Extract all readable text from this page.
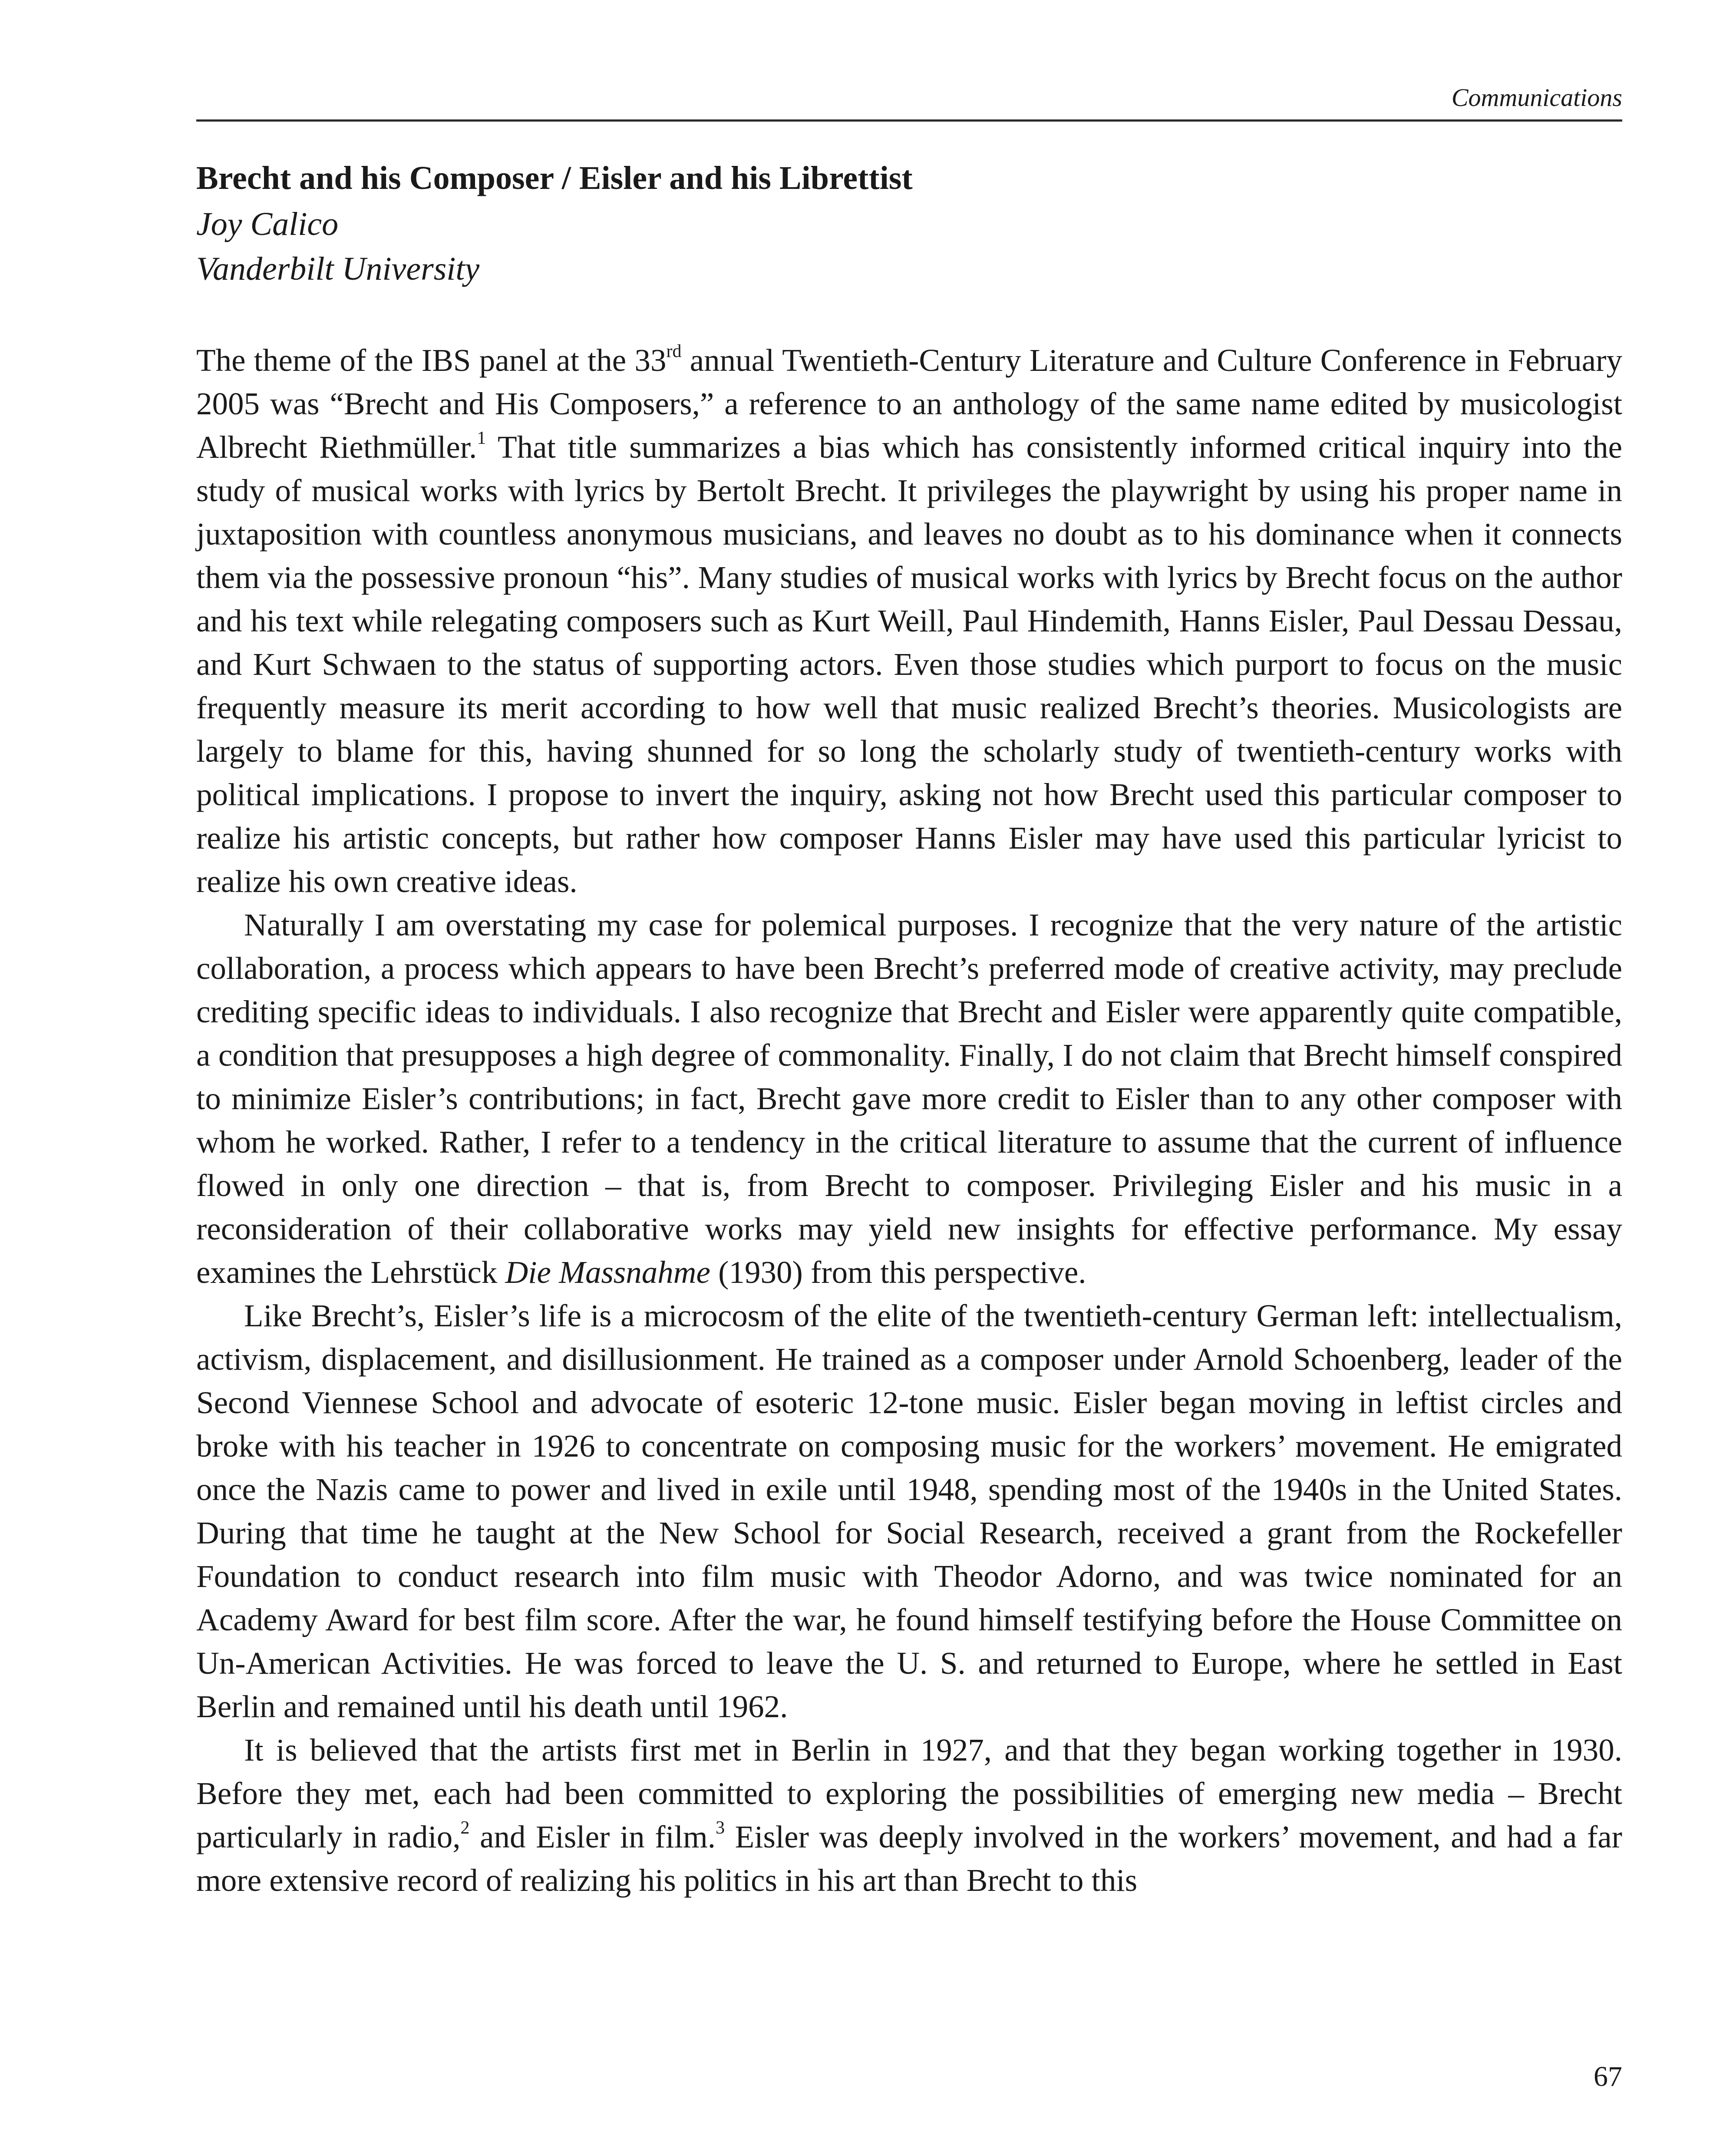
Communications
Brecht and his Composer / Eisler and his Librettist

Joy Calico

Vanderbilt University

The theme of the IBS panel at the 33rd annual Twentieth-Century Literature and Culture Conference in February 2005 was “Brecht and His Composers,” a reference to an anthology of the same name edited by musicologist Albrecht Riethmüller.$^1$ That title summarizes a bias which has consistently informed critical inquiry into the study of musical works with lyrics by Bertolt Brecht. It privileges the playwright by using his proper name in juxtaposition with countless anonymous musicians, and leaves no doubt as to his dominance when it connects them via the possessive pronoun “his”. Many studies of musical works with lyrics by Brecht focus on the author and his text while relegating composers such as Kurt Weill, Paul Hindemith, Hanns Eisler, Paul Dessau Dessau, and Kurt Schwaen to the status of supporting actors. Even those studies which purport to focus on the music frequently measure its merit according to how well that music realized Brecht’s theories. Musicologists are largely to blame for this, having shunned for so long the scholarly study of twentieth-century works with political implications. I propose to invert the inquiry, asking not how Brecht used this particular composer to realize his artistic concepts, but rather how composer Hanns Eisler may have used this particular lyricist to realize his own creative ideas.

Naturally I am overstating my case for polemical purposes. I recognize that the very nature of the artistic collaboration, a process which appears to have been Brecht’s preferred mode of creative activity, may preclude crediting specific ideas to individuals. I also recognize that Brecht and Eisler were apparently quite compatible, a condition that presupposes a high degree of commonality. Finally, I do not claim that Brecht himself conspired to minimize Eisler’s contributions; in fact, Brecht gave more credit to Eisler than to any other composer with whom he worked. Rather, I refer to a tendency in the critical literature to assume that the current of influence flowed in only one direction – that is, from Brecht to composer. Privileging Eisler and his music in a reconsideration of their collaborative works may yield new insights for effective performance. My essay examines the Lehrstück Die Massnahme (1930) from this perspective.

Like Brecht’s, Eisler’s life is a microcosm of the elite of the twentieth-century German left: intellectualism, activism, displacement, and disillusionment. He trained as a composer under Arnold Schoenberg, leader of the Second Viennese School and advocate of esoteric 12-tone music. Eisler began moving in leftist circles and broke with his teacher in 1926 to concentrate on composing music for the workers’ movement. He emigrated once the Nazis came to power and lived in exile until 1948, spending most of the 1940s in the United States. During that time he taught at the New School for Social Research, received a grant from the Rockefeller Foundation to conduct research into film music with Theodor Adorno, and was twice nominated for an Academy Award for best film score. After the war, he found himself testifying before the House Committee on Un-American Activities. He was forced to leave the U. S. and returned to Europe, where he settled in East Berlin and remained until his death until 1962.

It is believed that the artists first met in Berlin in 1927, and that they began working together in 1930. Before they met, each had been committed to exploring the possibilities of emerging new media – Brecht particularly in radio,$^2$ and Eisler in film.$^3$ Eisler was deeply involved in the workers’ movement, and had a far more extensive record of realizing his politics in his art than Brecht to this

67
